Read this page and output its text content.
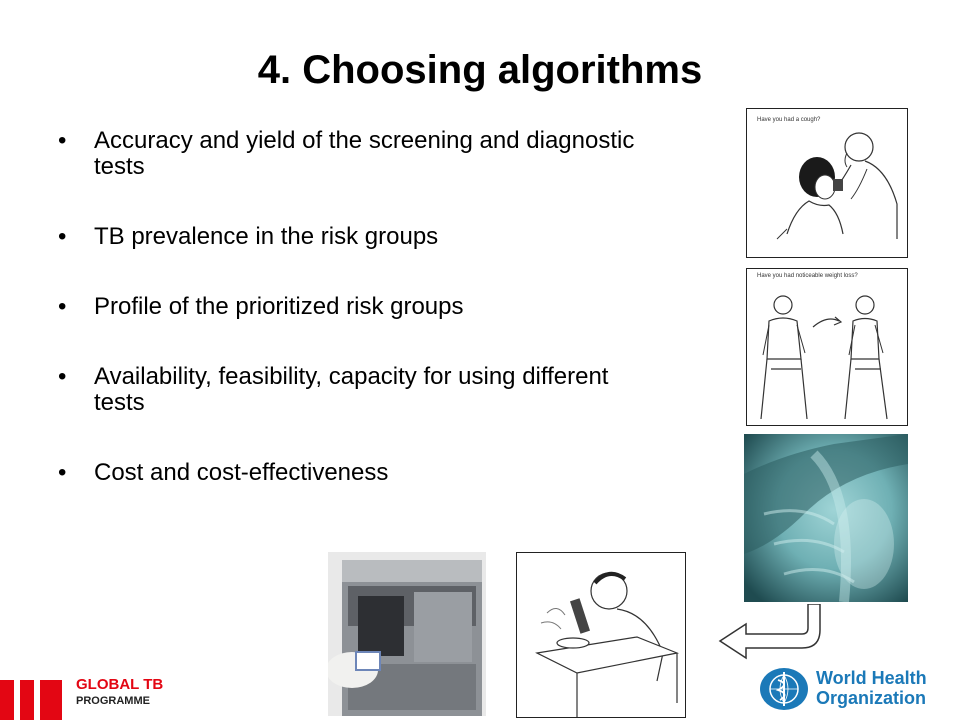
4. Choosing algorithms
• Accuracy and yield of the screening and diagnostic tests
• TB prevalence in the risk groups
• Profile of the prioritized risk groups
• Availability, feasibility, capacity for using different tests
• Cost and cost-effectiveness
Have you had a cough?
Have you had noticeable weight loss?
GLOBAL TB
PROGRAMME
World Health
Organization
